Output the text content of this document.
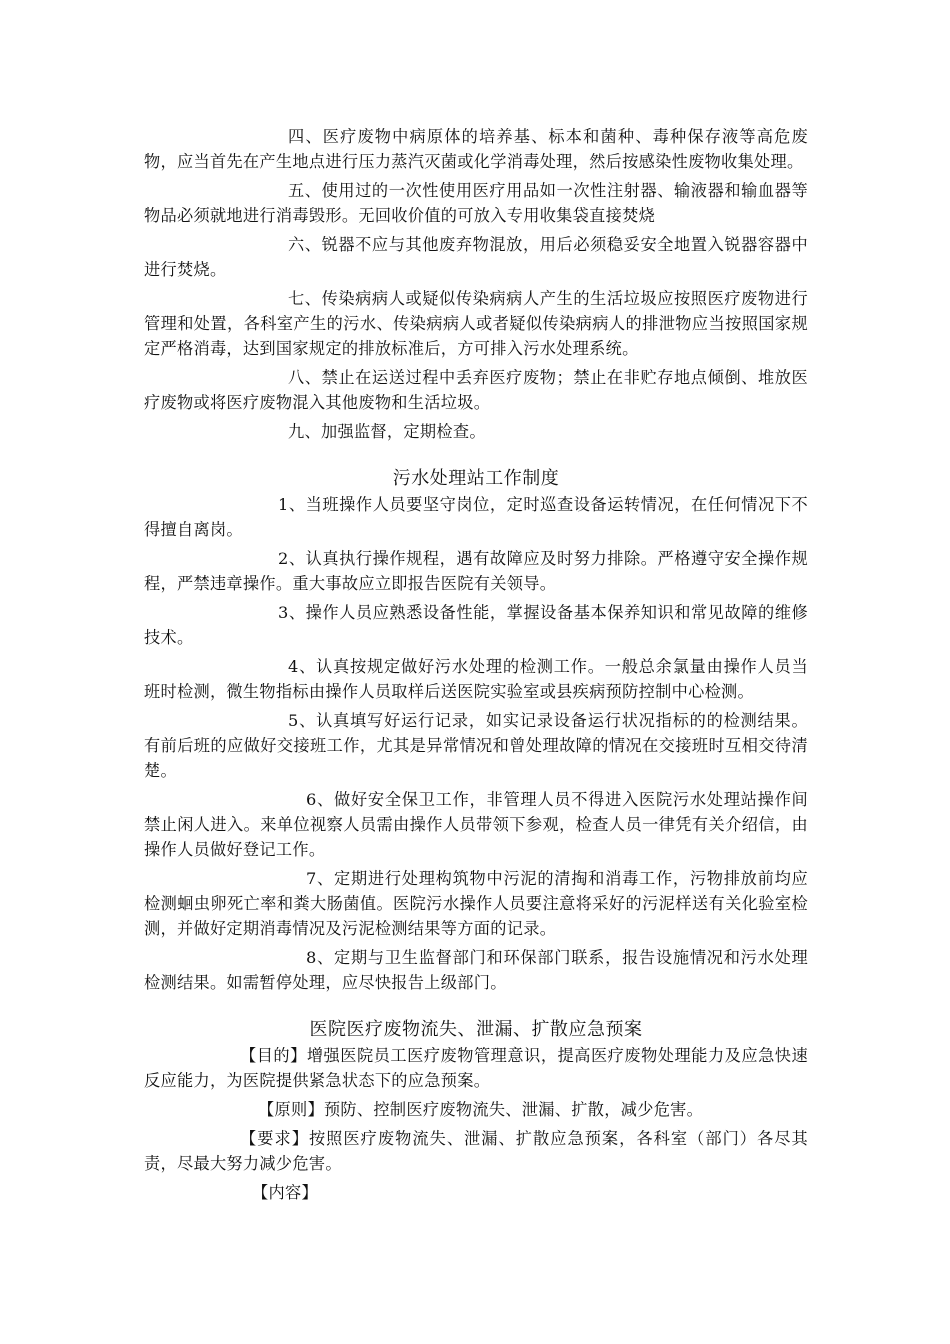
四、医疗废物中病原体的培养基、标本和菌种、毒种保存液等高危废物，应当首先在产生地点进行压力蒸汽灭菌或化学消毒处理，然后按感染性废物收集处理。

五、使用过的一次性使用医疗用品如一次性注射器、输液器和输血器等物品必须就地进行消毒毁形。无回收价值的可放入专用收集袋直接焚烧

六、锐器不应与其他废弃物混放，用后必须稳妥安全地置入锐器容器中进行焚烧。

七、传染病病人或疑似传染病病人产生的生活垃圾应按照医疗废物进行管理和处置，各科室产生的污水、传染病病人或者疑似传染病病人的排泄物应当按照国家规定严格消毒，达到国家规定的排放标准后，方可排入污水处理系统。

八、禁止在运送过程中丢弃医疗废物；禁止在非贮存地点倾倒、堆放医疗废物或将医疗废物混入其他废物和生活垃圾。

九、加强监督，定期检查。

污水处理站工作制度

1、当班操作人员要坚守岗位，定时巡查设备运转情况，在任何情况下不得擅自离岗。

2、认真执行操作规程，遇有故障应及时努力排除。严格遵守安全操作规程，严禁违章操作。重大事故应立即报告医院有关领导。

3、操作人员应熟悉设备性能，掌握设备基本保养知识和常见故障的维修技术。

4、认真按规定做好污水处理的检测工作。一般总余氯量由操作人员当班时检测，微生物指标由操作人员取样后送医院实验室或县疾病预防控制中心检测。

5、认真填写好运行记录，如实记录设备运行状况指标的的检测结果。有前后班的应做好交接班工作，尤其是异常情况和曾处理故障的情况在交接班时互相交待清楚。

6、做好安全保卫工作，非管理人员不得进入医院污水处理站操作间禁止闲人进入。来单位视察人员需由操作人员带领下参观，检查人员一律凭有关介绍信，由操作人员做好登记工作。

7、定期进行处理构筑物中污泥的清掏和消毒工作，污物排放前均应检测蛔虫卵死亡率和粪大肠菌值。医院污水操作人员要注意将采好的污泥样送有关化验室检测，并做好定期消毒情况及污泥检测结果等方面的记录。

8、定期与卫生监督部门和环保部门联系，报告设施情况和污水处理检测结果。如需暂停处理，应尽快报告上级部门。

医院医疗废物流失、泄漏、扩散应急预案

【目的】增强医院员工医疗废物管理意识，提高医疗废物处理能力及应急快速反应能力，为医院提供紧急状态下的应急预案。

【原则】预防、控制医疗废物流失、泄漏、扩散，减少危害。

【要求】按照医疗废物流失、泄漏、扩散应急预案，各科室（部门）各尽其责，尽最大努力减少危害。

【内容】
